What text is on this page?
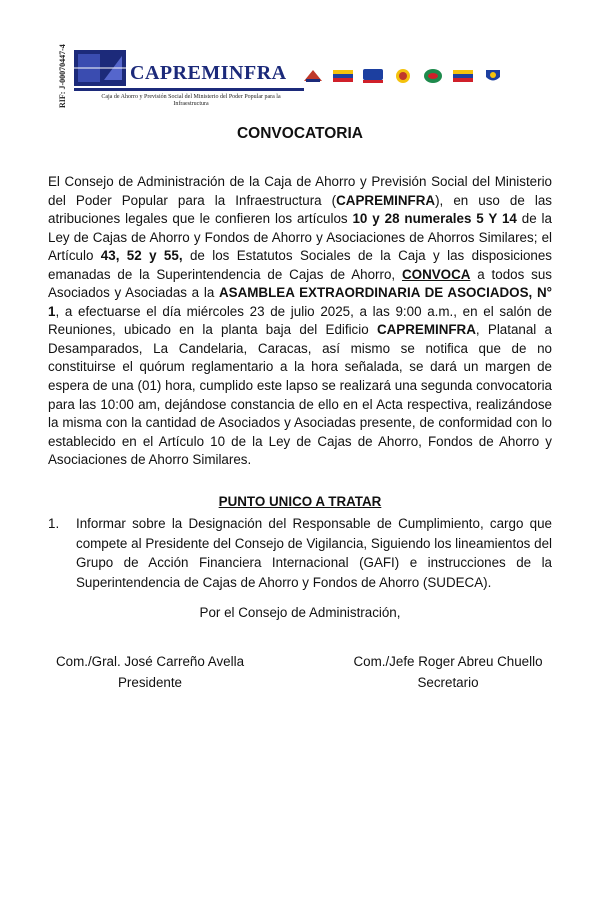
RIF: J-00070447-4	CAPREMINFRA
Caja de Ahorro y Previsión Social del Ministerio del Poder Popular para la Infraestructura
CONVOCATORIA
El Consejo de Administración de la Caja de Ahorro y Previsión Social del Ministerio del Poder Popular para la Infraestructura (CAPREMINFRA), en uso de las atribuciones legales que le confieren los artículos 10 y 28 numerales 5 Y 14 de la Ley de Cajas de Ahorro y Fondos de Ahorro y Asociaciones de Ahorros Similares; el Artículo 43, 52 y 55, de los Estatutos Sociales de la Caja y las disposiciones emanadas de la Superintendencia de Cajas de Ahorro, CONVOCA a todos sus Asociados y Asociadas a la ASAMBLEA EXTRAORDINARIA DE ASOCIADOS, N° 1, a efectuarse el día miércoles 23 de julio 2025, a las 9:00 a.m., en el salón de Reuniones, ubicado en la planta baja del Edificio CAPREMINFRA, Platanal a Desamparados, La Candelaria, Caracas, así mismo se notifica que de no constituirse el quórum reglamentario a la hora señalada, se dará un margen de espera de una (01) hora, cumplido este lapso se realizará una segunda convocatoria para las 10:00 am, dejándose constancia de ello en el Acta respectiva, realizándose la misma con la cantidad de Asociados y Asociadas presente, de conformidad con lo establecido en el Artículo 10 de la Ley de Cajas de Ahorro, Fondos de Ahorro y Asociaciones de Ahorro Similares.
PUNTO UNICO A TRATAR
1. Informar sobre la Designación del Responsable de Cumplimiento, cargo que compete al Presidente del Consejo de Vigilancia, Siguiendo los lineamientos del Grupo de Acción Financiera Internacional (GAFI) e instrucciones de la Superintendencia de Cajas de Ahorro y Fondos de Ahorro (SUDECA).
Por el Consejo de Administración,
Com./Gral. José Carreño Avella
Presidente
Com./Jefe Roger Abreu Chuello
Secretario
